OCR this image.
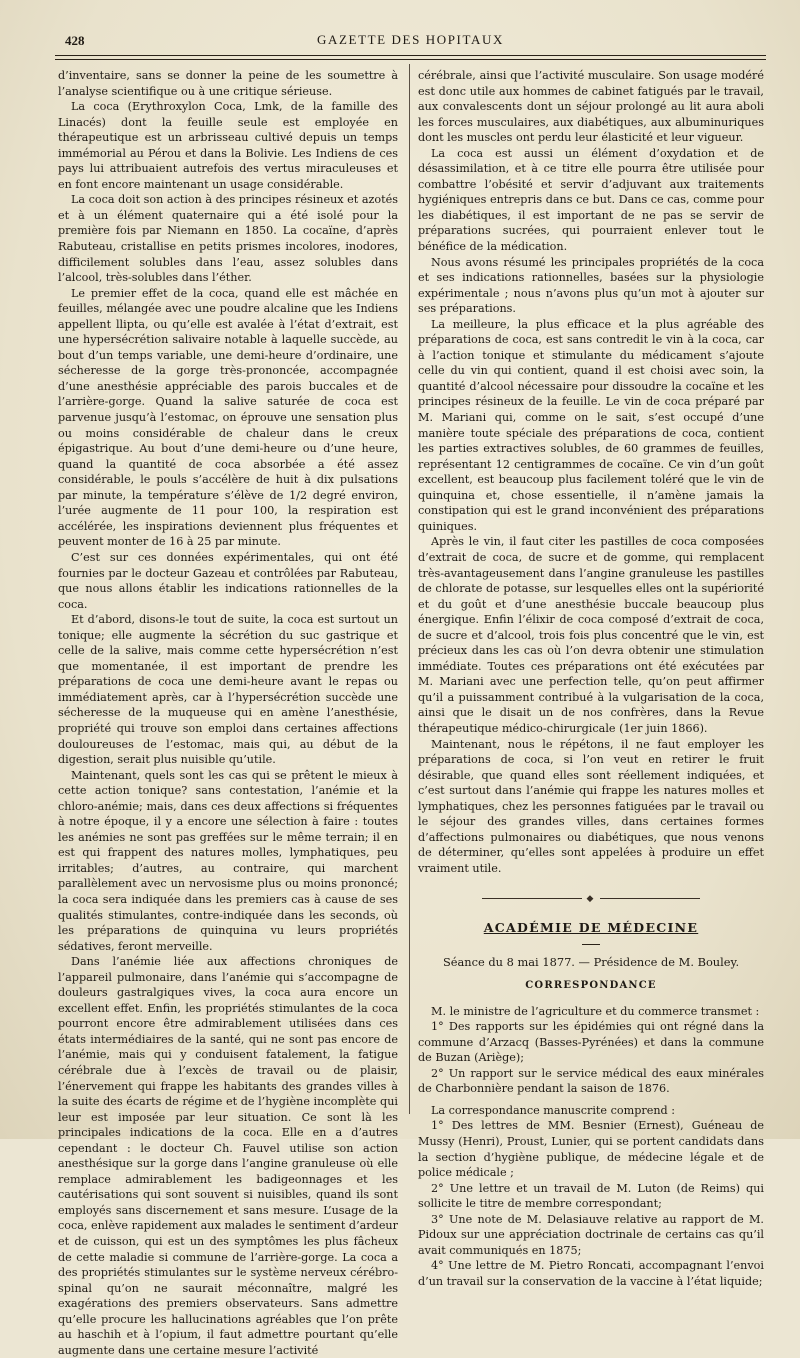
428	GAZETTE DES HOPITAUX

d’inventaire, sans se donner la peine de les soumettre à l’analyse scientifique ou à une critique sérieuse.

La coca (Erythroxylon Coca, Lmk, de la famille des Linacés) dont la feuille seule est employée en thérapeutique est un arbrisseau cultivé depuis un temps immémorial au Pérou et dans la Bolivie. Les Indiens de ces pays lui attribuaient autrefois des vertus miraculeuses et en font encore maintenant un usage considérable.

La coca doit son action à des principes résineux et azotés et à un élément quaternaire qui a été isolé pour la première fois par Niemann en 1850. La cocaïne, d’après Rabuteau, cristallise en petits prismes incolores, inodores, difficilement solubles dans l’eau, assez solubles dans l’alcool, très-solubles dans l’éther.

Le premier effet de la coca, quand elle est mâchée en feuilles, mélangée avec une poudre alcaline que les Indiens appellent llipta, ou qu’elle est avalée à l’état d’extrait, est une hypersécrétion salivaire notable à laquelle succède, au bout d’un temps variable, une demi-heure d’ordinaire, une sécheresse de la gorge très-prononcée, accompagnée d’une anesthésie appréciable des parois buccales et de l’arrière-gorge. Quand la salive saturée de coca est parvenue jusqu’à l’estomac, on éprouve une sensation plus ou moins considérable de chaleur dans le creux épigastrique. Au bout d’une demi-heure ou d’une heure, quand la quantité de coca absorbée a été assez considérable, le pouls s’accélère de huit à dix pulsations par minute, la température s’élève de 1/2 degré environ, l’urée augmente de 11 pour 100, la respiration est accélérée, les inspirations deviennent plus fréquentes et peuvent monter de 16 à 25 par minute.

C’est sur ces données expérimentales, qui ont été fournies par le docteur Gazeau et contrôlées par Rabuteau, que nous allons établir les indications rationnelles de la coca.

Et d’abord, disons-le tout de suite, la coca est surtout un tonique; elle augmente la sécrétion du suc gastrique et celle de la salive, mais comme cette hypersécrétion n’est que momentanée, il est important de prendre les préparations de coca une demi-heure avant le repas ou immédiatement après, car à l’hypersécrétion succède une sécheresse de la muqueuse qui en amène l’anesthésie, propriété qui trouve son emploi dans certaines affections douloureuses de l’estomac, mais qui, au début de la digestion, serait plus nuisible qu’utile.

Maintenant, quels sont les cas qui se prêtent le mieux à cette action tonique? sans contestation, l’anémie et la chloro-anémie; mais, dans ces deux affections si fréquentes à notre époque, il y a encore une sélection à faire : toutes les anémies ne sont pas greffées sur le même terrain; il en est qui frappent des natures molles, lymphatiques, peu irritables; d’autres, au contraire, qui marchent parallèlement avec un nervosisme plus ou moins prononcé; la coca sera indiquée dans les premiers cas à cause de ses qualités stimulantes, contre-indiquée dans les seconds, où les préparations de quinquina vu leurs propriétés sédatives, feront merveille.

Dans l’anémie liée aux affections chroniques de l’appareil pulmonaire, dans l’anémie qui s’accompagne de douleurs gastralgiques vives, la coca aura encore un excellent effet. Enfin, les propriétés stimulantes de la coca pourront encore être admirablement utilisées dans ces états intermédiaires de la santé, qui ne sont pas encore de l’anémie, mais qui y conduisent fatalement, la fatigue cérébrale due à l’excès de travail ou de plaisir, l’énervement qui frappe les habitants des grandes villes à la suite des écarts de régime et de l’hygiène incomplète qui leur est imposée par leur situation. Ce sont là les principales indications de la coca. Elle en a d’autres cependant : le docteur Ch. Fauvel utilise son action anesthésique sur la gorge dans l’angine granuleuse où elle remplace admirablement les badigeonnages et les cautérisations qui sont souvent si nuisibles, quand ils sont employés sans discernement et sans mesure. L’usage de la coca, enlève rapidement aux malades le sentiment d’ardeur et de cuisson, qui est un des symptômes les plus fâcheux de cette maladie si commune de l’arrière-gorge. La coca a des propriétés stimulantes sur le système nerveux cérébro-spinal qu’on ne saurait méconnaître, malgré les exagérations des premiers observateurs. Sans admettre qu’elle procure les hallucinations agréables que l’on prête au haschih et à l’opium, il faut admettre pourtant qu’elle augmente dans une certaine mesure l’activité

cérébrale, ainsi que l’activité musculaire. Son usage modéré est donc utile aux hommes de cabinet fatigués par le travail, aux convalescents dont un séjour prolongé au lit aura aboli les forces musculaires, aux diabétiques, aux albuminuriques dont les muscles ont perdu leur élasticité et leur vigueur.

La coca est aussi un élément d’oxydation et de désassimilation, et à ce titre elle pourra être utilisée pour combattre l’obésité et servir d’adjuvant aux traitements hygiéniques entrepris dans ce but. Dans ce cas, comme pour les diabétiques, il est important de ne pas se servir de préparations sucrées, qui pourraient enlever tout le bénéfice de la médication.

Nous avons résumé les principales propriétés de la coca et ses indications rationnelles, basées sur la physiologie expérimentale ; nous n’avons plus qu’un mot à ajouter sur ses préparations.

La meilleure, la plus efficace et la plus agréable des préparations de coca, est sans contredit le vin à la coca, car à l’action tonique et stimulante du médicament s’ajoute celle du vin qui contient, quand il est choisi avec soin, la quantité d’alcool nécessaire pour dissoudre la cocaïne et les principes résineux de la feuille. Le vin de coca préparé par M. Mariani qui, comme on le sait, s’est occupé d’une manière toute spéciale des préparations de coca, contient les parties extractives solubles, de 60 grammes de feuilles, représentant 12 centigrammes de cocaïne. Ce vin d’un goût excellent, est beaucoup plus facilement toléré que le vin de quinquina et, chose essentielle, il n’amène jamais la constipation qui est le grand inconvénient des préparations quiniques.

Après le vin, il faut citer les pastilles de coca composées d’extrait de coca, de sucre et de gomme, qui remplacent très-avantageusement dans l’angine granuleuse les pastilles de chlorate de potasse, sur lesquelles elles ont la supériorité et du goût et d’une anesthésie buccale beaucoup plus énergique. Enfin l’élixir de coca composé d’extrait de coca, de sucre et d’alcool, trois fois plus concentré que le vin, est précieux dans les cas où l’on devra obtenir une stimulation immédiate. Toutes ces préparations ont été exécutées par M. Mariani avec une perfection telle, qu’on peut affirmer qu’il a puissamment contribué à la vulgarisation de la coca, ainsi que le disait un de nos confrères, dans la Revue thérapeutique médico-chirurgicale (1er juin 1866).

Maintenant, nous le répétons, il ne faut employer les préparations de coca, si l’on veut en retirer le fruit désirable, que quand elles sont réellement indiquées, et c’est surtout dans l’anémie qui frappe les natures molles et lymphatiques, chez les personnes fatiguées par le travail ou le séjour des grandes villes, dans certaines formes d’affections pulmonaires ou diabétiques, que nous venons de déterminer, qu’elles sont appelées à produire un effet vraiment utile.

◆
ACADÉMIE DE MÉDECINE
Séance du 8 mai 1877. — Présidence de M. Bouley.
CORRESPONDANCE

M. le ministre de l’agriculture et du commerce transmet :

1° Des rapports sur les épidémies qui ont régné dans la commune d’Arzacq (Basses-Pyrénées) et dans la commune de Buzan (Ariège);

2° Un rapport sur le service médical des eaux minérales de Charbonnière pendant la saison de 1876.

La correspondance manuscrite comprend :

1° Des lettres de MM. Besnier (Ernest), Guéneau de Mussy (Henri), Proust, Lunier, qui se portent candidats dans la section d’hygiène publique, de médecine légale et de police médicale ;

2° Une lettre et un travail de M. Luton (de Reims) qui sollicite le titre de membre correspondant;

3° Une note de M. Delasiauve relative au rapport de M. Pidoux sur une appréciation doctrinale de certains cas qu’il avait communiqués en 1875;

4° Une lettre de M. Pietro Roncati, accompagnant l’envoi d’un travail sur la conservation de la vaccine à l’état liquide;
